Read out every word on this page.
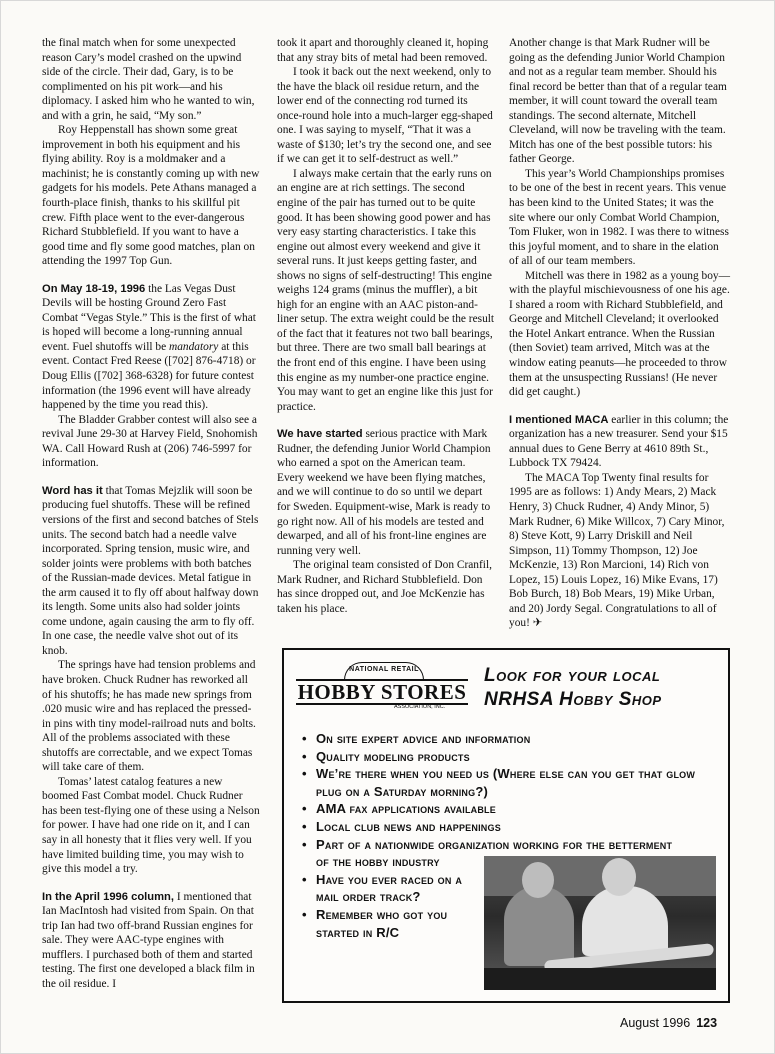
the final match when for some unexpected reason Cary’s model crashed on the upwind side of the circle. Their dad, Gary, is to be complimented on his pit work—and his diplomacy. I asked him who he wanted to win, and with a grin, he said, “My son.”

Roy Heppenstall has shown some great improvement in both his equipment and his flying ability. Roy is a moldmaker and a machinist; he is constantly coming up with new gadgets for his models. Pete Athans managed a fourth-place finish, thanks to his skillful pit crew. Fifth place went to the ever-dangerous Richard Stubblefield. If you want to have a good time and fly some good matches, plan on attending the 1997 Top Gun.

On May 18-19, 1996 the Las Vegas Dust Devils will be hosting Ground Zero Fast Combat “Vegas Style.” This is the first of what is hoped will become a long-running annual event. Fuel shutoffs will be mandatory at this event. Contact Fred Reese ([702] 876-4718) or Doug Ellis ([702] 368-6328) for future contest information (the 1996 event will have already happened by the time you read this).

The Bladder Grabber contest will also see a revival June 29-30 at Harvey Field, Snohomish WA. Call Howard Rush at (206) 746-5997 for information.

Word has it that Tomas Mejzlik will soon be producing fuel shutoffs. These will be refined versions of the first and second batches of Stels units. The second batch had a needle valve incorporated. Spring tension, music wire, and solder joints were problems with both batches of the Russian-made devices. Metal fatigue in the arm caused it to fly off about halfway down its length. Some units also had solder joints come undone, again causing the arm to fly off. In one case, the needle valve shot out of its knob.

The springs have had tension problems and have broken. Chuck Rudner has reworked all of his shutoffs; he has made new springs from .020 music wire and has replaced the pressed-in pins with tiny model-railroad nuts and bolts. All of the problems associated with these shutoffs are correctable, and we expect Tomas will take care of them.

Tomas’ latest catalog features a new boomed Fast Combat model. Chuck Rudner has been test-flying one of these using a Nelson for power. I have had one ride on it, and I can say in all honesty that it flies very well. If you have limited building time, you may wish to give this model a try.

In the April 1996 column, I mentioned that Ian MacIntosh had visited from Spain. On that trip Ian had two off-brand Russian engines for sale. They were AAC-type engines with mufflers. I purchased both of them and started testing. The first one developed a black film in the oil residue. I

took it apart and thoroughly cleaned it, hoping that any stray bits of metal had been removed.

I took it back out the next weekend, only to the have the black oil residue return, and the lower end of the connecting rod turned its once-round hole into a much-larger egg-shaped one. I was saying to myself, “That it was a waste of $130; let’s try the second one, and see if we can get it to self-destruct as well.”

I always make certain that the early runs on an engine are at rich settings. The second engine of the pair has turned out to be quite good. It has been showing good power and has very easy starting characteristics. I take this engine out almost every weekend and give it several runs. It just keeps getting faster, and shows no signs of self-destructing! This engine weighs 124 grams (minus the muffler), a bit high for an engine with an AAC piston-and-liner setup. The extra weight could be the result of the fact that it features not two ball bearings, but three. There are two small ball bearings at the front end of this engine. I have been using this engine as my number-one practice engine. You may want to get an engine like this just for practice.

We have started serious practice with Mark Rudner, the defending Junior World Champion who earned a spot on the American team. Every weekend we have been flying matches, and we will continue to do so until we depart for Sweden. Equipment-wise, Mark is ready to go right now. All of his models are tested and dewarped, and all of his front-line engines are running very well.

The original team consisted of Don Cranfil, Mark Rudner, and Richard Stubblefield. Don has since dropped out, and Joe McKenzie has taken his place.

Another change is that Mark Rudner will be going as the defending Junior World Champion and not as a regular team member. Should his final record be better than that of a regular team member, it will count toward the overall team standings. The second alternate, Mitchell Cleveland, will now be traveling with the team. Mitch has one of the best possible tutors: his father George.

This year’s World Championships promises to be one of the best in recent years. This venue has been kind to the United States; it was the site where our only Combat World Champion, Tom Fluker, won in 1982. I was there to witness this joyful moment, and to share in the elation of all of our team members.

Mitchell was there in 1982 as a young boy—with the playful mischievousness of one his age. I shared a room with Richard Stubblefield, and George and Mitchell Cleveland; it overlooked the Hotel Ankart entrance. When the Russian (then Soviet) team arrived, Mitch was at the window eating peanuts—he proceeded to throw them at the unsuspecting Russians! (He never did get caught.)

I mentioned MACA earlier in this column; the organization has a new treasurer. Send your $15 annual dues to Gene Berry at 4610 89th St., Lubbock TX 79424.

The MACA Top Twenty final results for 1995 are as follows: 1) Andy Mears, 2) Mack Henry, 3) Chuck Rudner, 4) Andy Minor, 5) Mark Rudner, 6) Mike Willcox, 7) Cary Minor, 8) Steve Kott, 9) Larry Driskill and Neil Simpson, 11) Tommy Thompson, 12) Joe McKenzie, 13) Ron Marcioni, 14) Rich von Lopez, 15) Louis Lopez, 16) Mike Evans, 17) Bob Burch, 18) Bob Mears, 19) Mike Urban, and 20) Jordy Segal. Congratulations to all of you! ✈

NATIONAL RETAIL
HOBBY STORES
ASSOCIATION, INC.
Look for your local
NRHSA Hobby Shop
• On site expert advice and information
• Quality modeling products
• We’re there when you need us (Where else can you get that glow plug on a Saturday morning?)
• AMA fax applications available
• Local club news and happenings
• Part of a nationwide organization working for the betterment of the hobby industry
• Have you ever raced on a mail order track?
• Remember who got you started in R/C
August 1996 123
